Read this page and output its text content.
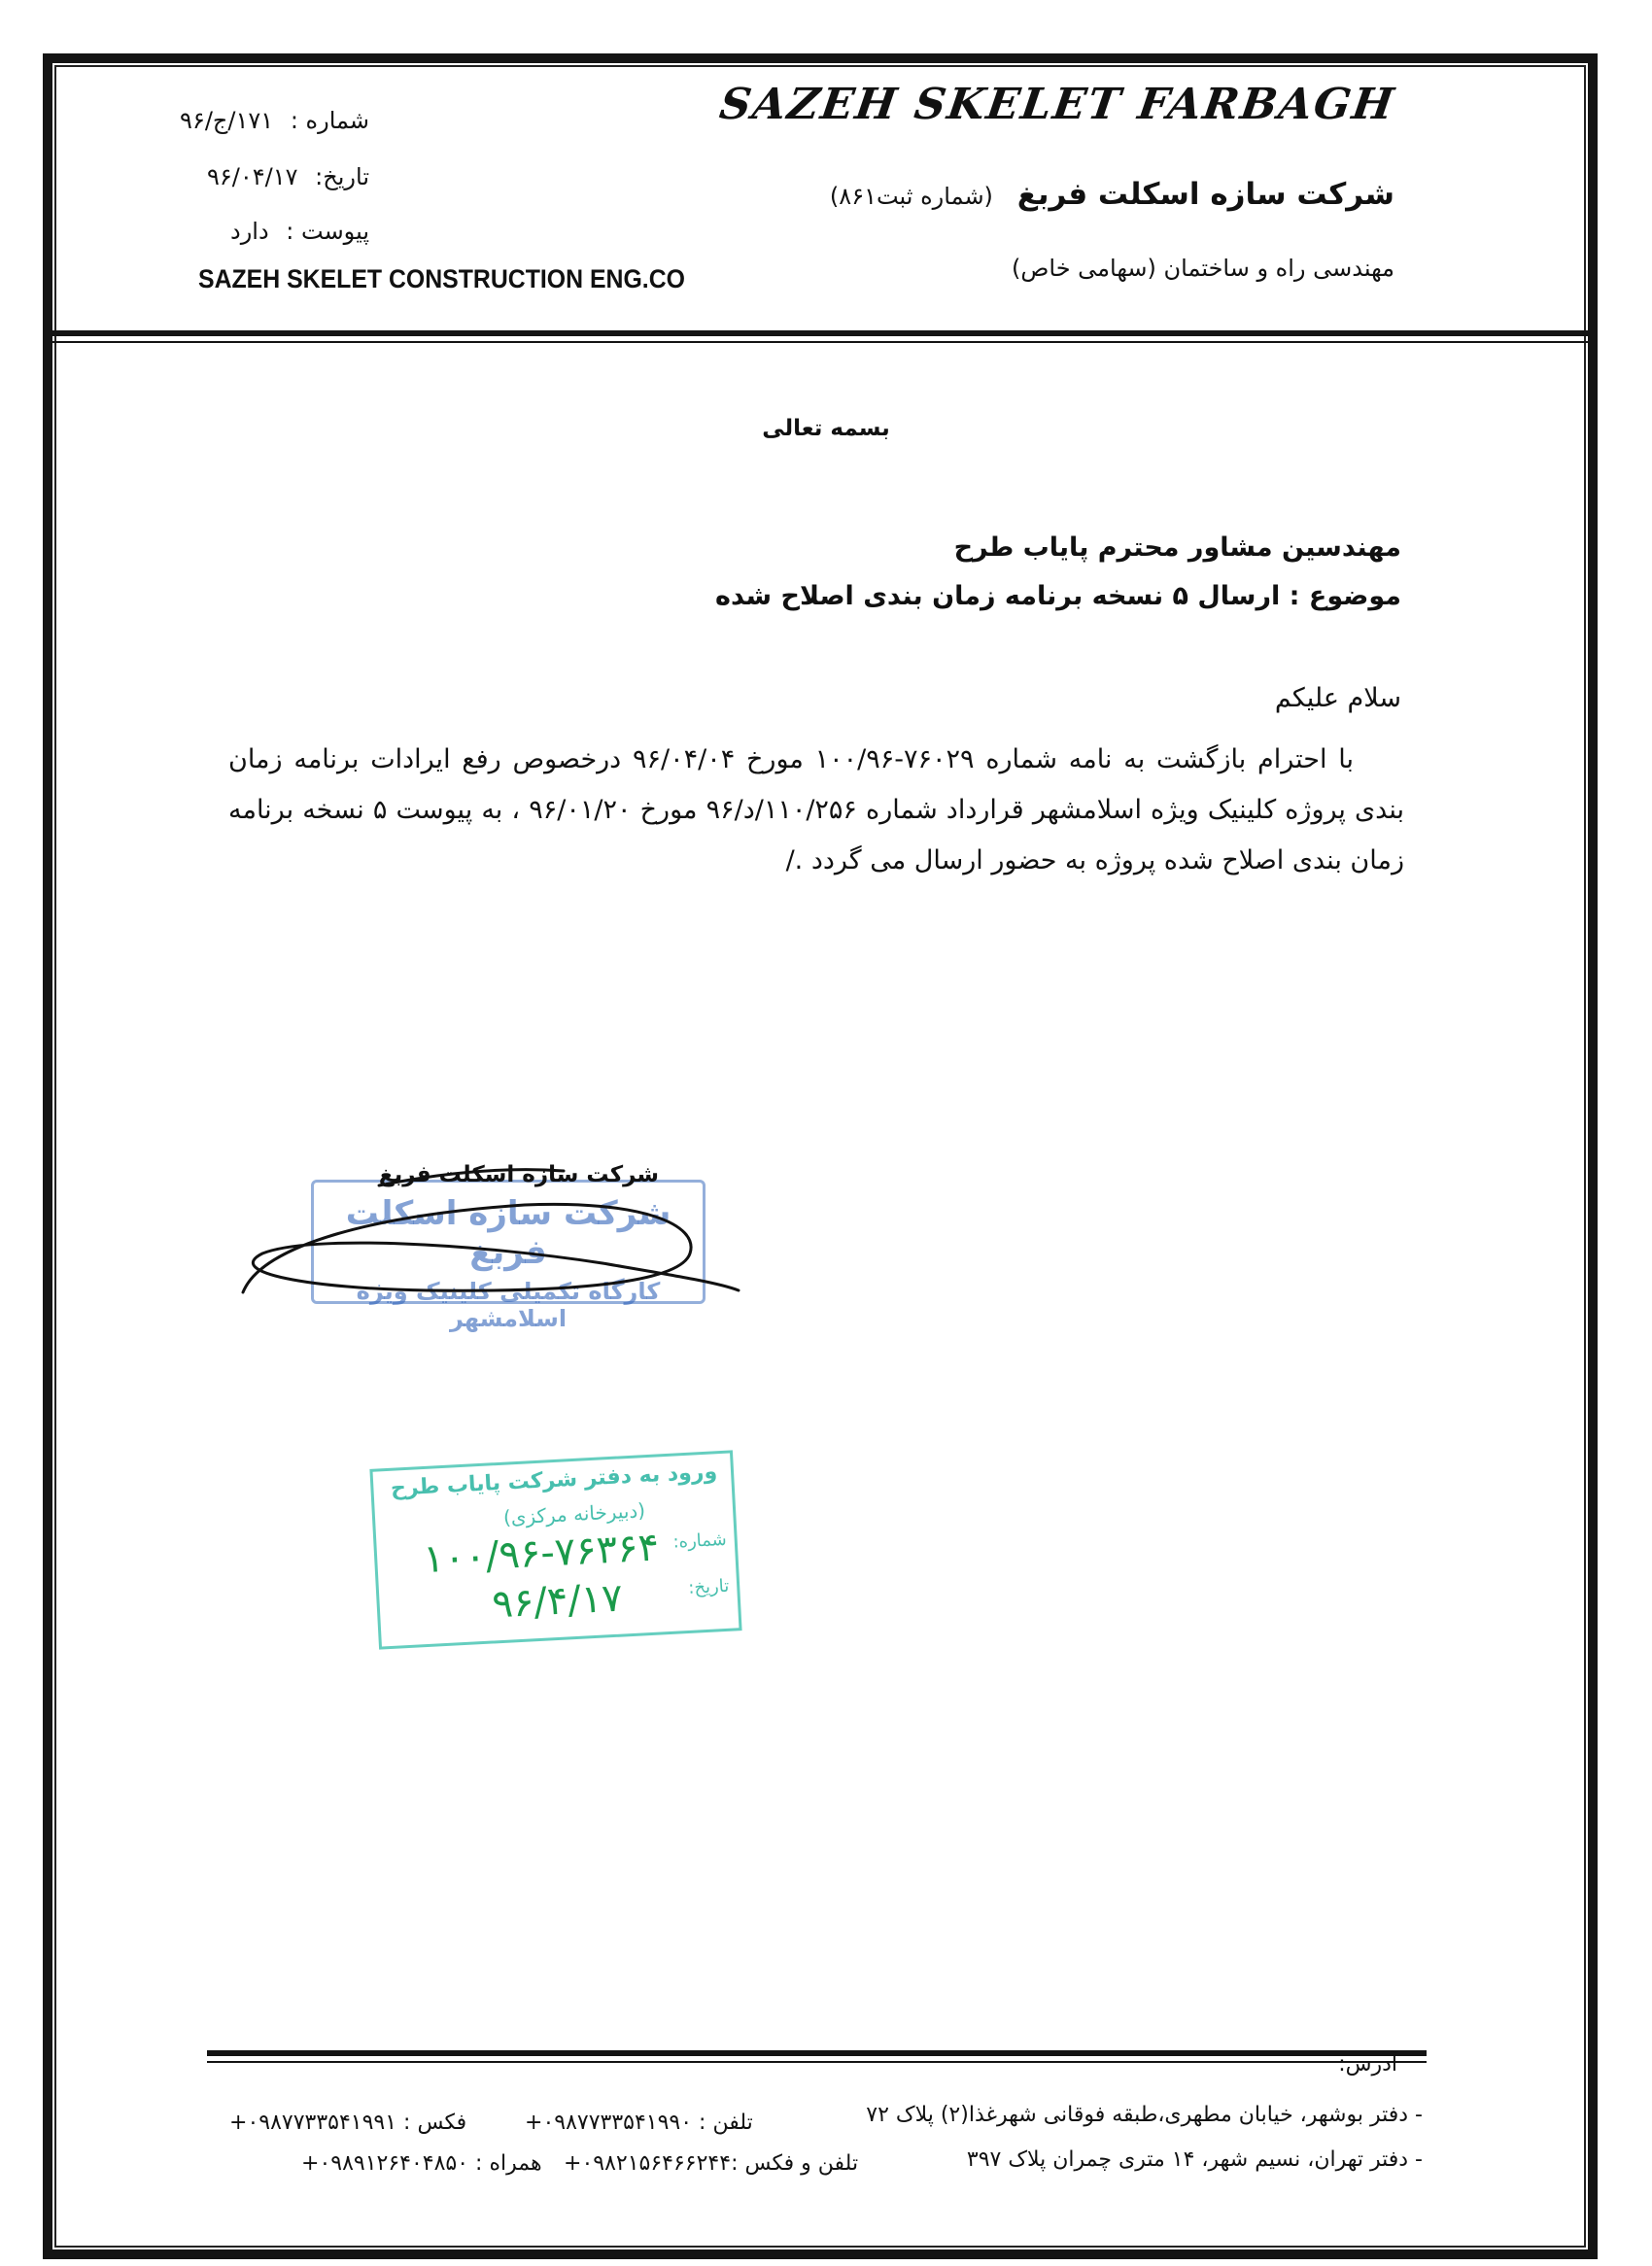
SAZEH SKELET FARBAGH
شرکت سازه اسکلت فربغ (شماره ثبت۸۶۱)
مهندسی راه و ساختمان (سهامی خاص)
شماره : ۱۷۱/ج/۹۶
تاریخ: ۹۶/۰۴/۱۷
پیوست : دارد
SAZEH SKELET CONSTRUCTION ENG.CO
بسمه تعالی
مهندسین مشاور محترم پایاب طرح
موضوع : ارسال ۵ نسخه برنامه زمان بندی اصلاح شده
سلام علیکم
با احترام بازگشت به نامه شماره ۷۶۰۲۹-۱۰۰/۹۶ مورخ ۹۶/۰۴/۰۴ درخصوص رفع ایرادات برنامه زمان بندی پروژه کلینیک ویژه اسلامشهر قرارداد شماره ۱۱۰/۲۵۶/د/۹۶ مورخ ۹۶/۰۱/۲۰ ، به پیوست ۵ نسخه برنامه زمان بندی اصلاح شده پروژه به حضور ارسال می گردد ./
شرکت سازه اسکلت فربغ
کارگاه تکمیلی کلینیک ویژه اسلامشهر
شرکت سازه اسکلت فربغ
ورود به دفتر شرکت پایاب طرح
(دبیرخانه مرکزی)
شماره:
۱۰۰/۹۶-۷۶۳۶۴
تاریخ:
۹۶/۴/۱۷
آدرس:
- دفتر بوشهر، خیابان مطهری،طبقه فوقانی شهرغذا(۲) پلاک ۷۲
تلفن : ۰۹۸۷۷۳۳۵۴۱۹۹۰+
فکس : ۰۹۸۷۷۳۳۵۴۱۹۹۱+
- دفتر تهران، نسیم شهر، ۱۴ متری چمران پلاک ۳۹۷
تلفن و فکس :۰۹۸۲۱۵۶۴۶۶۲۴۴+
همراه : ۰۹۸۹۱۲۶۴۰۴۸۵۰+
